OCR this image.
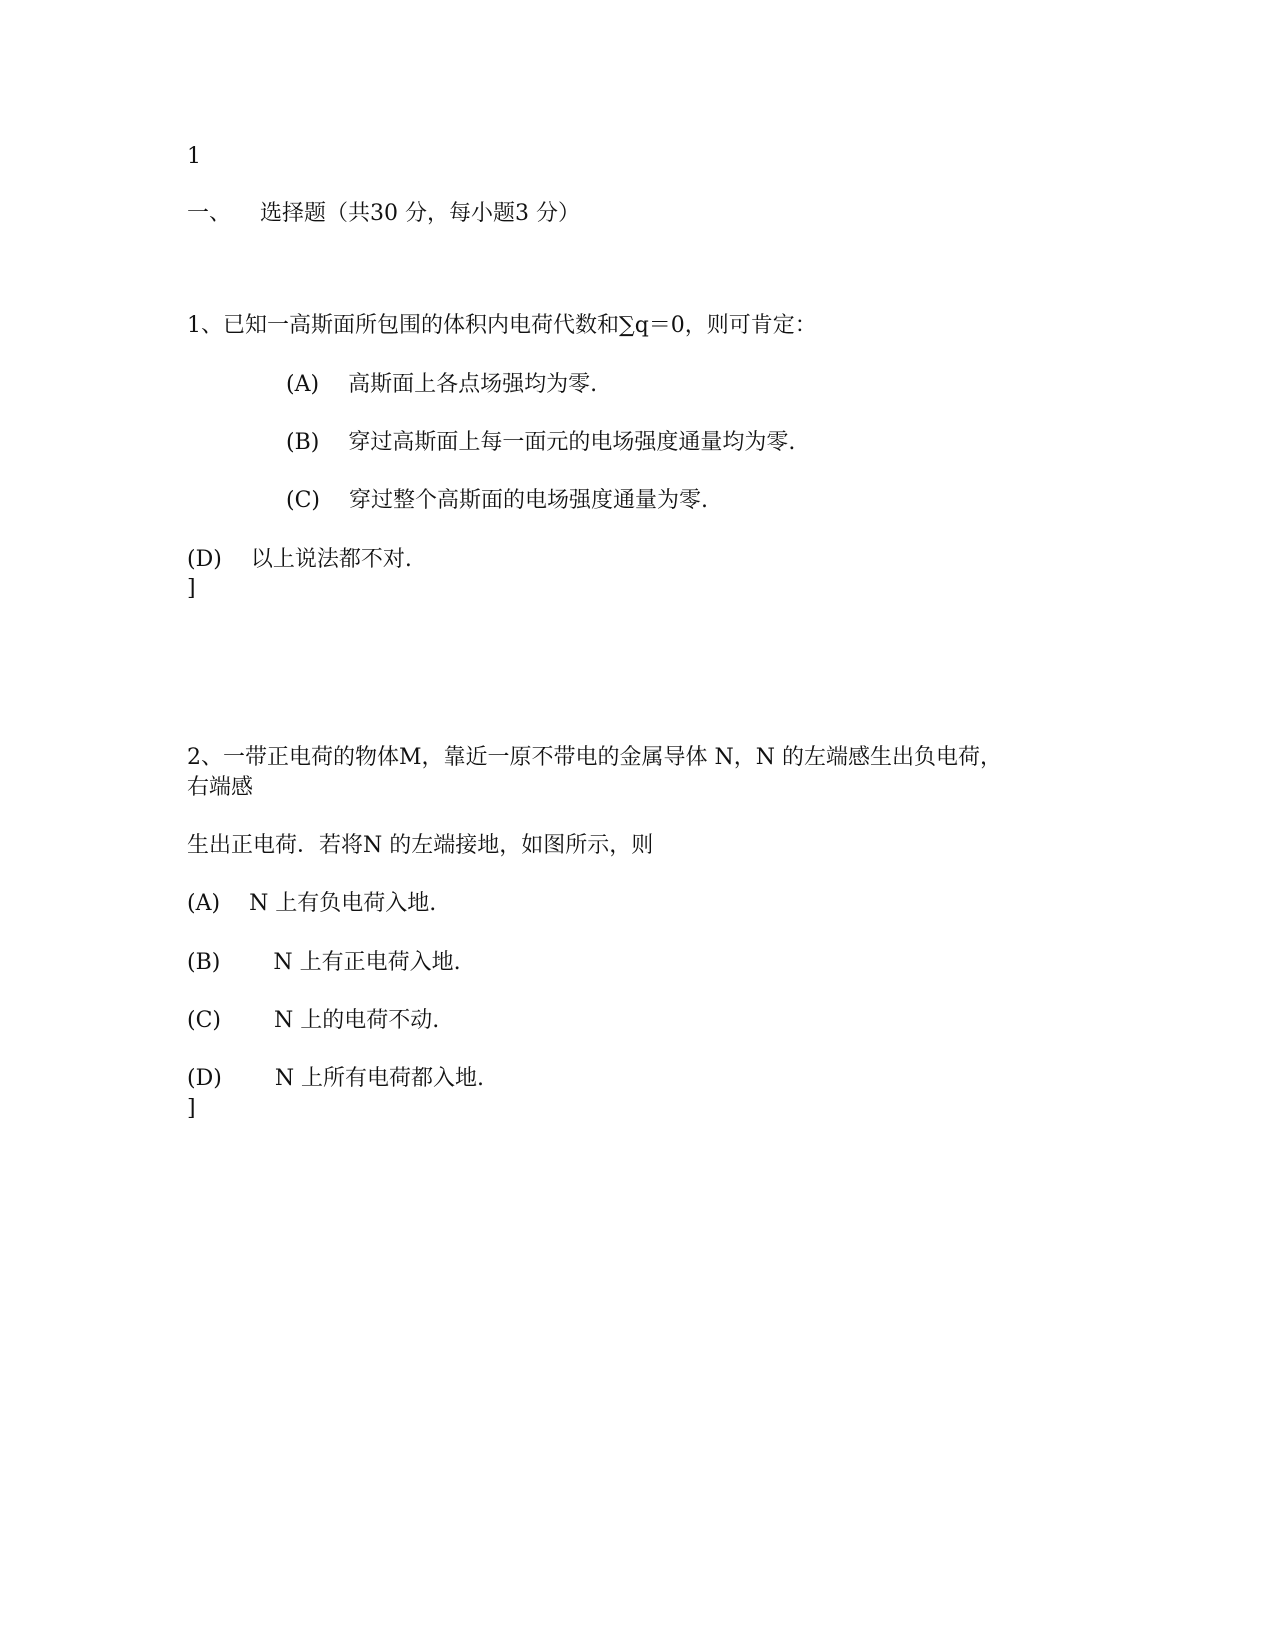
1
一、 选择题（共30 分，每小题3 分）
1、已知一高斯面所包围的体积内电荷代数和∑q＝0，则可肯定：
(A) 高斯面上各点场强均为零.
(B) 穿过高斯面上每一面元的电场强度通量均为零.
(C) 穿过整个高斯面的电场强度通量为零.
(D) 以上说法都不对.
]
2、一带正电荷的物体M，靠近一原不带电的金属导体 N，N 的左端感生出负电荷，
右端感
生出正电荷．若将N 的左端接地，如图所示，则
(A) N 上有负电荷入地.
(B) N 上有正电荷入地.
(C) N 上的电荷不动.
(D) N 上所有电荷都入地.
]
